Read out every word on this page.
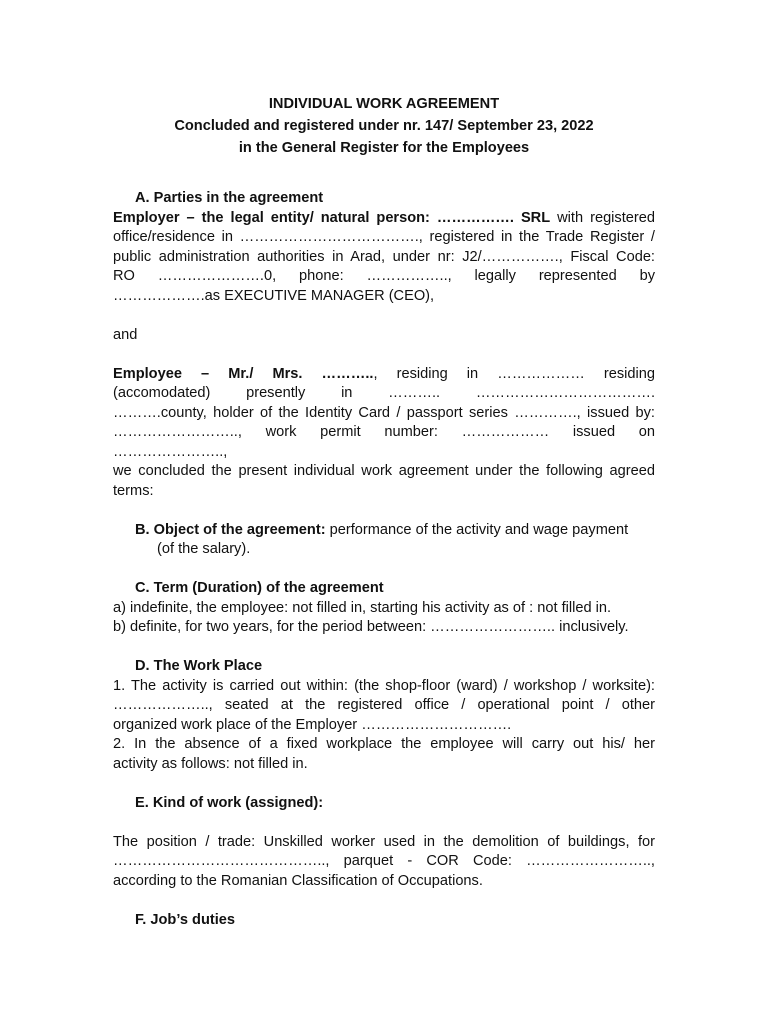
INDIVIDUAL WORK AGREEMENT
Concluded and registered under nr. 147/ September 23, 2022
in the General Register for the Employees
A. Parties in the agreement
Employer – the legal entity/ natural person: ……………. SRL with registered
office/residence in ………………………………., registered in the Trade Register /
public administration authorities in Arad, under nr: J2/……………., Fiscal Code:
RO ………………….0, phone: …………….., legally represented by
……………….as EXECUTIVE MANAGER (CEO),
and
Employee – Mr./ Mrs. ……….., residing in ……………… residing
(accomodated) presently in ……….. ……………………………….
……….county, holder of the Identity Card / passport series …………., issued by:
…………………….., work permit number: ……………… issued on
…………………..,
we concluded the present individual work agreement under the following agreed
terms:
B. Object of the agreement: performance of the activity and wage payment
(of the salary).
C. Term (Duration) of the agreement
a) indefinite, the employee: not filled in, starting his activity as of : not filled in.
b) definite, for two years, for the period between: …………………….. inclusively.
D. The Work Place
1. The activity is carried out within: (the shop-floor (ward) / workshop / worksite):
……………….., seated at the registered office / operational point / other
organized work place of the Employer ………………………….
2. In the absence of a fixed workplace the employee will carry out his/ her
activity as follows: not filled in.
E. Kind of work (assigned):
The position / trade: Unskilled worker used in the demolition of buildings, for
…………………………………….., parquet - COR Code: ……………………..,
according to the Romanian Classification of Occupations.
F. Job’s duties
